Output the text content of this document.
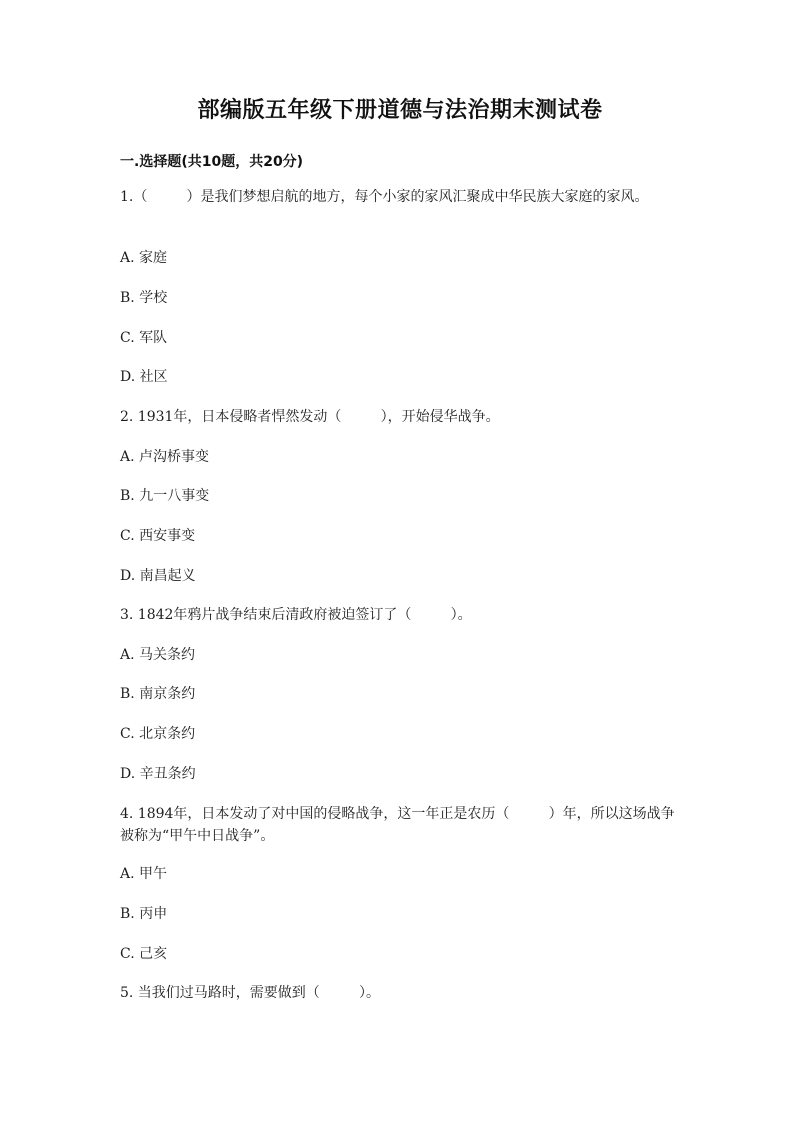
部编版五年级下册道德与法治期末测试卷
一.选择题(共10题，共20分)
1.（	）是我们梦想启航的地方，每个小家的家风汇聚成中华民族大家庭的家风。
A. 家庭
B. 学校
C. 军队
D. 社区
2. 1931年，日本侵略者悍然发动（	），开始侵华战争。
A. 卢沟桥事变
B. 九一八事变
C. 西安事变
D. 南昌起义
3. 1842年鸦片战争结束后清政府被迫签订了（	）。
A. 马关条约
B. 南京条约
C. 北京条约
D. 辛丑条约
4. 1894年，日本发动了对中国的侵略战争，这一年正是农历（	）年，所以这场战争被称为“甲午中日战争”。
A. 甲午
B. 丙申
C. 己亥
5. 当我们过马路时，需要做到（	）。
